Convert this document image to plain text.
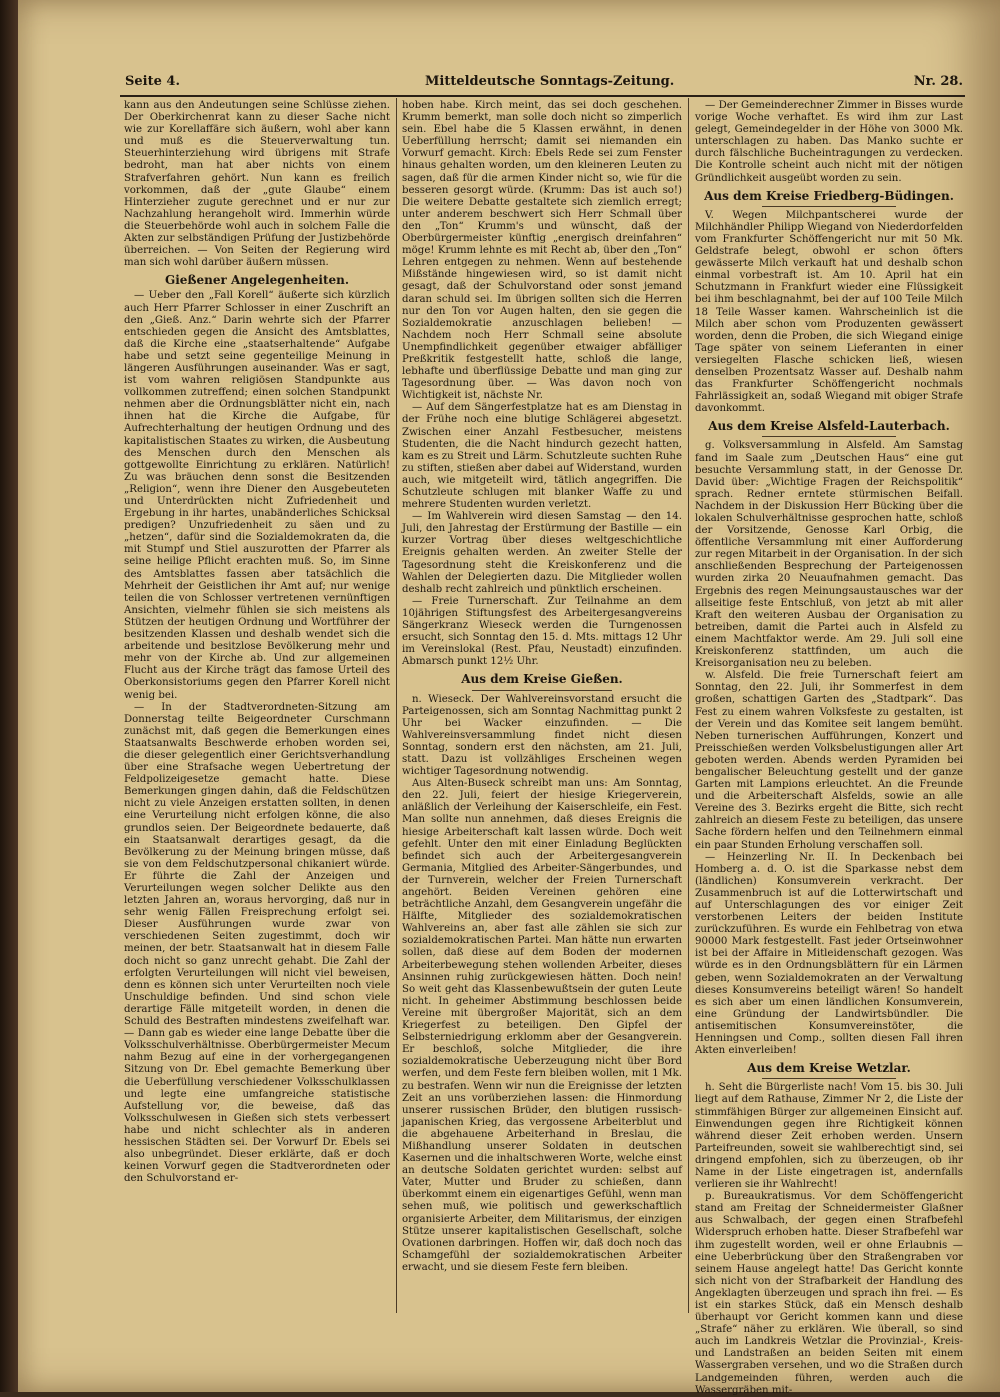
Seite 4.	Mitteldeutsche Sonntags-Zeitung.	Nr. 28.

kann aus den Andeutungen seine Schlüsse ziehen. Der Oberkirchenrat kann zu dieser Sache nicht wie zur Korellaffäre sich äußern, wohl aber kann und muß es die Steuerverwaltung tun. Steuerhinterziehung wird übrigens mit Strafe bedroht, man hat aber nichts von einem Strafverfahren gehört. Nun kann es freilich vorkommen, daß der „gute Glaube“ einem Hinterzieher zugute gerechnet und er nur zur Nachzahlung herangeholt wird. Immerhin würde die Steuerbehörde wohl auch in solchem Falle die Akten zur selbständigen Prüfung der Justizbehörde überreichen. — Von Seiten der Regierung wird man sich wohl darüber äußern müssen.

Gießener Angelegenheiten.

— Ueber den „Fall Korell“ äußerte sich kürzlich auch Herr Pfarrer Schlosser in einer Zuschrift an den „Gieß. Anz.“ Darin wehrte sich der Pfarrer entschieden gegen die Ansicht des Amtsblattes, daß die Kirche eine „staatserhaltende“ Aufgabe habe und setzt seine gegenteilige Meinung in längeren Ausführungen auseinander. Was er sagt, ist vom wahren religiösen Standpunkte aus vollkommen zutreffend; einen solchen Standpunkt nehmen aber die Ordnungsblätter nicht ein, nach ihnen hat die Kirche die Aufgabe, für Aufrechterhaltung der heutigen Ordnung und des kapitalistischen Staates zu wirken, die Ausbeutung des Menschen durch den Menschen als gottgewollte Einrichtung zu erklären. Natürlich! Zu was bräuchen denn sonst die Besitzenden „Religion“, wenn ihre Diener den Ausgebeuteten und Unterdrückten nicht Zufriedenheit und Ergebung in ihr hartes, unabänderliches Schicksal predigen? Unzufriedenheit zu säen und zu „hetzen“, dafür sind die Sozialdemokraten da, die mit Stumpf und Stiel auszurotten der Pfarrer als seine heilige Pflicht erachten muß. So, im Sinne des Amtsblattes fassen aber tatsächlich die Mehrheit der Geistlichen ihr Amt auf; nur wenige teilen die von Schlosser vertretenen vernünftigen Ansichten, vielmehr fühlen sie sich meistens als Stützen der heutigen Ordnung und Wortführer der besitzenden Klassen und deshalb wendet sich die arbeitende und besitzlose Bevölkerung mehr und mehr von der Kirche ab. Und zur allgemeinen Flucht aus der Kirche trägt das famose Urteil des Oberkonsistoriums gegen den Pfarrer Korell nicht wenig bei.

— In der Stadtverordneten-Sitzung am Donnerstag teilte Beigeordneter Curschmann zunächst mit, daß gegen die Bemerkungen eines Staatsanwalts Beschwerde erhoben worden sei, die dieser gelegentlich einer Gerichtsverhandlung über eine Strafsache wegen Uebertretung der Feldpolizeigesetze gemacht hatte. Diese Bemerkungen gingen dahin, daß die Feldschützen nicht zu viele Anzeigen erstatten sollten, in denen eine Verurteilung nicht erfolgen könne, die also grundlos seien. Der Beigeordnete bedauerte, daß ein Staatsanwalt derartiges gesagt, da die Bevölkerung zu der Meinung bringen müsse, daß sie von dem Feldschutzpersonal chikaniert würde. Er führte die Zahl der Anzeigen und Verurteilungen wegen solcher Delikte aus den letzten Jahren an, woraus hervorging, daß nur in sehr wenig Fällen Freisprechung erfolgt sei. Dieser Ausführungen wurde zwar von verschiedenen Seiten zugestimmt, doch wir meinen, der betr. Staatsanwalt hat in diesem Falle doch nicht so ganz unrecht gehabt. Die Zahl der erfolgten Verurteilungen will nicht viel beweisen, denn es können sich unter Verurteilten noch viele Unschuldige befinden. Und sind schon viele derartige Fälle mitgeteilt worden, in denen die Schuld des Bestraften mindestens zweifelhaft war. — Dann gab es wieder eine lange Debatte über die Volksschulverhältnisse. Oberbürgermeister Mecum nahm Bezug auf eine in der vorhergegangenen Sitzung von Dr. Ebel gemachte Bemerkung über die Ueberfüllung verschiedener Volksschulklassen und legte eine umfangreiche statistische Aufstellung vor, die beweise, daß das Volksschulwesen in Gießen sich stets verbessert habe und nicht schlechter als in anderen hessischen Städten sei. Der Vorwurf Dr. Ebels sei also unbegründet. Dieser erklärte, daß er doch keinen Vorwurf gegen die Stadtverordneten oder den Schulvorstand er-

hoben habe. Kirch meint, das sei doch geschehen. Krumm bemerkt, man solle doch nicht so zimperlich sein. Ebel habe die 5 Klassen erwähnt, in denen Ueberfüllung herrscht; damit sei niemanden ein Vorwurf gemacht. Kirch: Ebels Rede sei zum Fenster hinaus gehalten worden, um den kleineren Leuten zu sagen, daß für die armen Kinder nicht so, wie für die besseren gesorgt würde. (Krumm: Das ist auch so!) Die weitere Debatte gestaltete sich ziemlich erregt; unter anderem beschwert sich Herr Schmall über den „Ton“ Krumm's und wünscht, daß der Oberbürgermeister künftig „energisch dreinfahren“ möge! Krumm lehnte es mit Recht ab, über den „Ton“ Lehren entgegen zu nehmen. Wenn auf bestehende Mißstände hingewiesen wird, so ist damit nicht gesagt, daß der Schulvorstand oder sonst jemand daran schuld sei. Im übrigen sollten sich die Herren nur den Ton vor Augen halten, den sie gegen die Sozialdemokratie anzuschlagen belieben! — Nachdem noch Herr Schmall seine absolute Unempfindlichkeit gegenüber etwaiger abfälliger Preßkritik festgestellt hatte, schloß die lange, lebhafte und überflüssige Debatte und man ging zur Tagesordnung über. — Was davon noch von Wichtigkeit ist, nächste Nr.

— Auf dem Sängerfestplatze hat es am Dienstag in der Frühe noch eine blutige Schlägerei abgesetzt. Zwischen einer Anzahl Festbesucher, meistens Studenten, die die Nacht hindurch gezecht hatten, kam es zu Streit und Lärm. Schutzleute suchten Ruhe zu stiften, stießen aber dabei auf Widerstand, wurden auch, wie mitgeteilt wird, tätlich angegriffen. Die Schutzleute schlugen mit blanker Waffe zu und mehrere Studenten wurden verletzt.

— Im Wahlverein wird diesen Samstag — den 14. Juli, den Jahrestag der Erstürmung der Bastille — ein kurzer Vortrag über dieses weltgeschichtliche Ereignis gehalten werden. An zweiter Stelle der Tagesordnung steht die Kreiskonferenz und die Wahlen der Delegierten dazu. Die Mitglieder wollen deshalb recht zahlreich und pünktlich erscheinen.

— Freie Turnerschaft. Zur Teilnahme an dem 10jährigen Stiftungsfest des Arbeitergesangvereins Sängerkranz Wieseck werden die Turngenossen ersucht, sich Sonntag den 15. d. Mts. mittags 12 Uhr im Vereinslokal (Rest. Pfau, Neustadt) einzufinden. Abmarsch punkt 12½ Uhr.

Aus dem Kreise Gießen.

n. Wieseck. Der Wahlvereinsvorstand ersucht die Parteigenossen, sich am Sonntag Nachmittag punkt 2 Uhr bei Wacker einzufinden. — Die Wahlvereinsversammlung findet nicht diesen Sonntag, sondern erst den nächsten, am 21. Juli, statt. Dazu ist vollzähliges Erscheinen wegen wichtiger Tagesordnung notwendig.

Aus Alten-Buseck schreibt man uns: Am Sonntag, den 22. Juli, feiert der hiesige Kriegerverein, anläßlich der Verleihung der Kaiserschleife, ein Fest. Man sollte nun annehmen, daß dieses Ereignis die hiesige Arbeiterschaft kalt lassen würde. Doch weit gefehlt. Unter den mit einer Einladung Beglückten befindet sich auch der Arbeitergesangverein Germania, Mitglied des Arbeiter-Sängerbundes, und der Turnverein, welcher der Freien Turnerschaft angehört. Beiden Vereinen gehören eine beträchtliche Anzahl, dem Gesangverein ungefähr die Hälfte, Mitglieder des sozialdemokratischen Wahlvereins an, aber fast alle zählen sie sich zur sozialdemokratischen Partei. Man hätte nun erwarten sollen, daß diese auf dem Boden der modernen Arbeiterbewegung stehen wollenden Arbeiter, dieses Ansinnen ruhig zurückgewiesen hätten. Doch nein! So weit geht das Klassenbewußtsein der guten Leute nicht. In geheimer Abstimmung beschlossen beide Vereine mit übergroßer Majorität, sich an dem Kriegerfest zu beteiligen. Den Gipfel der Selbsterniedrigung erklomm aber der Gesangverein. Er beschloß, solche Mitglieder, die ihre sozialdemokratische Ueberzeugung nicht über Bord werfen, und dem Feste fern bleiben wollen, mit 1 Mk. zu bestrafen. Wenn wir nun die Ereignisse der letzten Zeit an uns vorüberziehen lassen: die Hinmordung unserer russischen Brüder, den blutigen russisch-japanischen Krieg, das vergossene Arbeiterblut und die abgehauene Arbeiterhand in Breslau, die Mißhandlung unserer Soldaten in deutschen Kasernen und die inhaltschweren Worte, welche einst an deutsche Soldaten gerichtet wurden: selbst auf Vater, Mutter und Bruder zu schießen, dann überkommt einem ein eigenartiges Gefühl, wenn man sehen muß, wie politisch und gewerkschaftlich organisierte Arbeiter, dem Militarismus, der einzigen Stütze unserer kapitalistischen Gesellschaft, solche Ovationen darbringen. Hoffen wir, daß doch noch das Schamgefühl der sozialdemokratischen Arbeiter erwacht, und sie diesem Feste fern bleiben.

— Der Gemeinderechner Zimmer in Bisses wurde vorige Woche verhaftet. Es wird ihm zur Last gelegt, Gemeindegelder in der Höhe von 3000 Mk. unterschlagen zu haben. Das Manko suchte er durch fälschliche Bucheintragungen zu verdecken. Die Kontrolle scheint auch nicht mit der nötigen Gründlichkeit ausgeübt worden zu sein.

Aus dem Kreise Friedberg-Büdingen.

V. Wegen Milchpantscherei wurde der Milchhändler Philipp Wiegand von Niederdorfelden vom Frankfurter Schöffengericht nur mit 50 Mk. Geldstrafe belegt, obwohl er schon öfters gewässerte Milch verkauft hat und deshalb schon einmal vorbestraft ist. Am 10. April hat ein Schutzmann in Frankfurt wieder eine Flüssigkeit bei ihm beschlagnahmt, bei der auf 100 Teile Milch 18 Teile Wasser kamen. Wahrscheinlich ist die Milch aber schon vom Produzenten gewässert worden, denn die Proben, die sich Wiegand einige Tage später von seinem Lieferanten in einer versiegelten Flasche schicken ließ, wiesen denselben Prozentsatz Wasser auf. Deshalb nahm das Frankfurter Schöffengericht nochmals Fahrlässigkeit an, sodaß Wiegand mit obiger Strafe davonkommt.

Aus dem Kreise Alsfeld-Lauterbach.

g. Volksversammlung in Alsfeld. Am Samstag fand im Saale zum „Deutschen Haus“ eine gut besuchte Versammlung statt, in der Genosse Dr. David über: „Wichtige Fragen der Reichspolitik“ sprach. Redner erntete stürmischen Beifall. Nachdem in der Diskussion Herr Bücking über die lokalen Schulverhältnisse gesprochen hatte, schloß der Vorsitzende, Genosse Karl Orbig, die öffentliche Versammlung mit einer Aufforderung zur regen Mitarbeit in der Organisation. In der sich anschließenden Besprechung der Parteigenossen wurden zirka 20 Neuaufnahmen gemacht. Das Ergebnis des regen Meinungsaustausches war der allseitige feste Entschluß, von jetzt ab mit aller Kraft den weiteren Ausbau der Organisation zu betreiben, damit die Partei auch in Alsfeld zu einem Machtfaktor werde. Am 29. Juli soll eine Kreiskonferenz stattfinden, um auch die Kreisorganisation neu zu beleben.

w. Alsfeld. Die freie Turnerschaft feiert am Sonntag, den 22. Juli, ihr Sommerfest in dem großen, schattigen Garten des „Stadtpark“. Das Fest zu einem wahren Volksfeste zu gestalten, ist der Verein und das Komitee seit langem bemüht. Neben turnerischen Aufführungen, Konzert und Preisschießen werden Volksbelustigungen aller Art geboten werden. Abends werden Pyramiden bei bengalischer Beleuchtung gestellt und der ganze Garten mit Lampions erleuchtet. An die Freunde und die Arbeiterschaft Alsfelds, sowie an alle Vereine des 3. Bezirks ergeht die Bitte, sich recht zahlreich an diesem Feste zu beteiligen, das unsere Sache fördern helfen und den Teilnehmern einmal ein paar Stunden Erholung verschaffen soll.

— Heinzerling Nr. II. In Deckenbach bei Homberg a. d. O. ist die Sparkasse nebst dem (ländlichen) Konsumverein verkracht. Der Zusammenbruch ist auf die Lotterwirtschaft und auf Unterschlagungen des vor einiger Zeit verstorbenen Leiters der beiden Institute zurückzuführen. Es wurde ein Fehlbetrag von etwa 90000 Mark festgestellt. Fast jeder Ortseinwohner ist bei der Affaire in Mitleidenschaft gezogen. Was würde es in den Ordnungsblättern für ein Lärmen geben, wenn Sozialdemokraten an der Verwaltung dieses Konsumvereins beteiligt wären! So handelt es sich aber um einen ländlichen Konsumverein, eine Gründung der Landwirtsbündler. Die antisemitischen Konsumvereinstöter, die Henningsen und Comp., sollten diesen Fall ihren Akten einverleiben!

Aus dem Kreise Wetzlar.

h. Seht die Bürgerliste nach! Vom 15. bis 30. Juli liegt auf dem Rathause, Zimmer Nr 2, die Liste der stimmfähigen Bürger zur allgemeinen Einsicht auf. Einwendungen gegen ihre Richtigkeit können während dieser Zeit erhoben werden. Unsern Parteifreunden, soweit sie wahlberechtigt sind, sei dringend empfohlen, sich zu überzeugen, ob ihr Name in der Liste eingetragen ist, andernfalls verlieren sie ihr Wahlrecht!

p. Bureaukratismus. Vor dem Schöffengericht stand am Freitag der Schneidermeister Glaßner aus Schwalbach, der gegen einen Strafbefehl Widerspruch erhoben hatte. Dieser Strafbefehl war ihm zugestellt worden, weil er ohne Erlaubnis — eine Ueberbrückung über den Straßengraben vor seinem Hause angelegt hatte! Das Gericht konnte sich nicht von der Strafbarkeit der Handlung des Angeklagten überzeugen und sprach ihn frei. — Es ist ein starkes Stück, daß ein Mensch deshalb überhaupt vor Gericht kommen kann und diese „Strafe“ näher zu erklären. Wie überall, so sind auch im Landkreis Wetzlar die Provinzial-, Kreis- und Landstraßen an beiden Seiten mit einem Wassergraben versehen, und wo die Straßen durch Landgemeinden führen, werden auch die Wassergräben mit-
